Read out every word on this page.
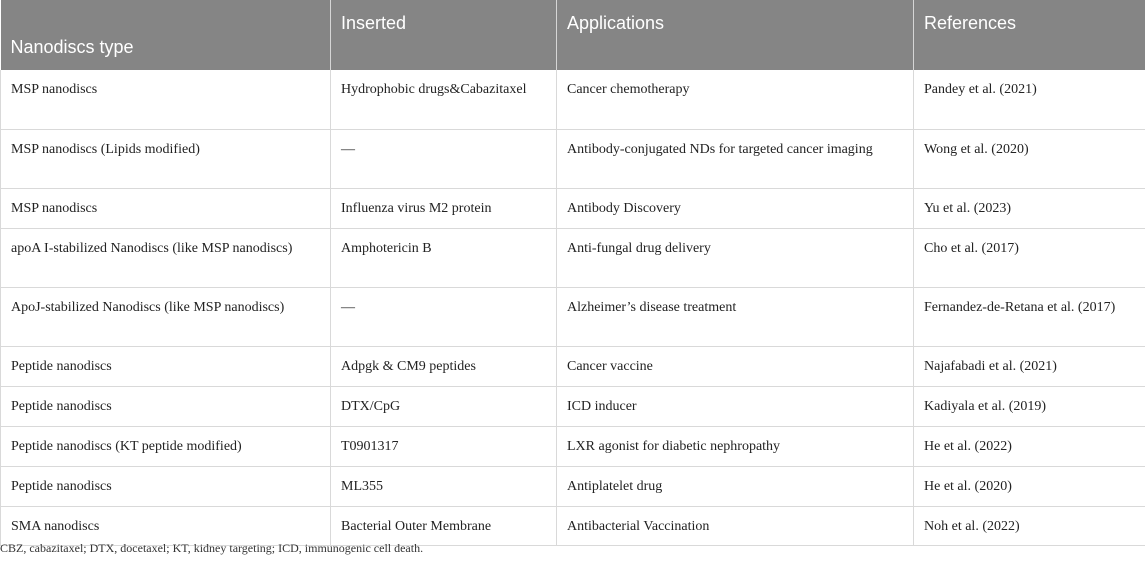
Nanodiscs type	Inserted	Applications	References
MSP nanodiscs	Hydrophobic drugs&Cabazitaxel	Cancer chemotherapy	Pandey et al. (2021)
MSP nanodiscs (Lipids modified)	—	Antibody-conjugated NDs for targeted cancer imaging	Wong et al. (2020)
MSP nanodiscs	Influenza virus M2 protein	Antibody Discovery	Yu et al. (2023)
apoA I-stabilized Nanodiscs (like MSP nanodiscs)	Amphotericin B	Anti-fungal drug delivery	Cho et al. (2017)
ApoJ-stabilized Nanodiscs (like MSP nanodiscs)	—	Alzheimer’s disease treatment	Fernandez-de-Retana et al. (2017)
Peptide nanodiscs	Adpgk & CM9 peptides	Cancer vaccine	Najafabadi et al. (2021)
Peptide nanodiscs	DTX/CpG	ICD inducer	Kadiyala et al. (2019)
Peptide nanodiscs (KT peptide modified)	T0901317	LXR agonist for diabetic nephropathy	He et al. (2022)
Peptide nanodiscs	ML355	Antiplatelet drug	He et al. (2020)
SMA nanodiscs	Bacterial Outer Membrane	Antibacterial Vaccination	Noh et al. (2022)
CBZ, cabazitaxel; DTX, docetaxel; KT, kidney targeting; ICD, immunogenic cell death.
